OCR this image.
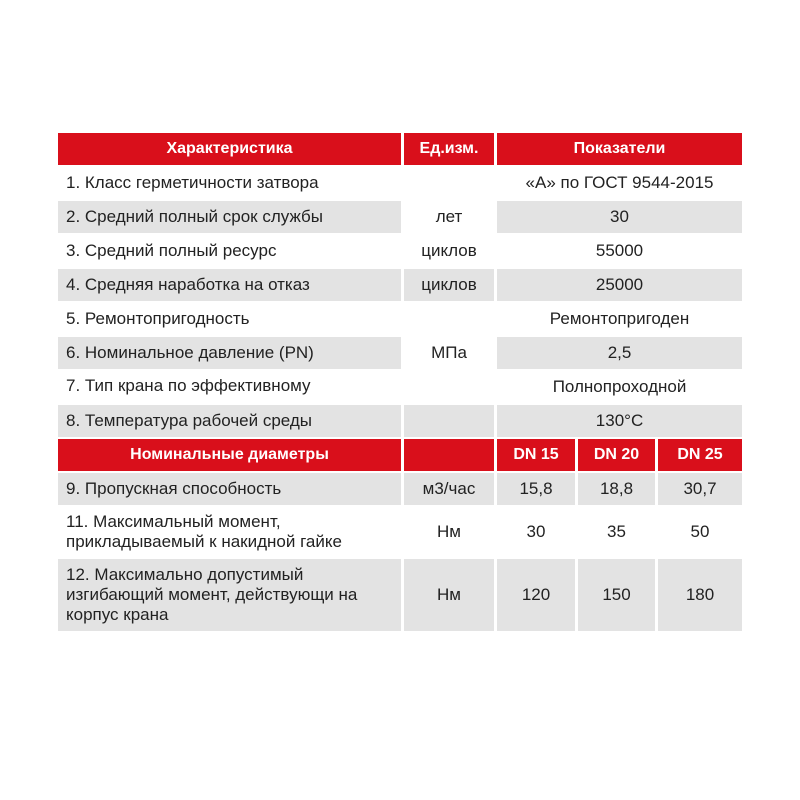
Характеристика	Ед.изм.	Показатели		
1. Класс герметичности затвора		«А» по ГОСТ 9544-2015		
2. Средний полный срок службы	лет	30		
3. Средний полный ресурс	циклов	55000		
4. Средняя наработка на отказ	циклов	25000		
5. Ремонтопригодность		Ремонтопригоден		
6. Номинальное давление (PN)	МПа	2,5		

7. Тип крана по эффективному		Полнопроходной		
8. Температура рабочей среды		130°C		
Номинальные диаметры		DN 15	DN 20	DN 25
9. Пропускная способность	м3/час	15,8	18,8	30,7

11. Максимальный момент,
прикладываемый к накидной гайке	Нм	30	35	50

12. Максимально допустимый
изгибающий момент, действующи на
корпус крана	Нм	120	150	180
